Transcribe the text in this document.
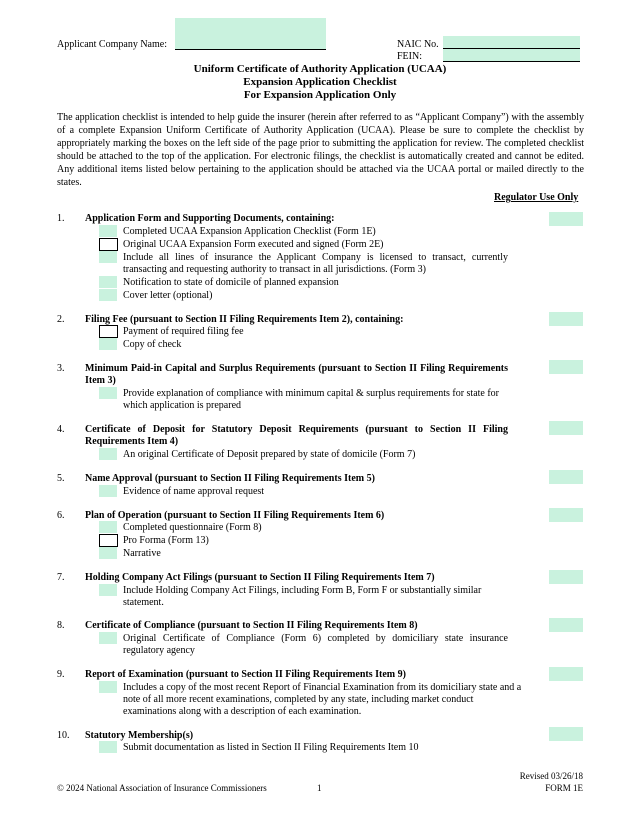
Applicant Company Name:	NAIC No.
FEIN:
Uniform Certificate of Authority Application (UCAA)
Expansion Application Checklist
For Expansion Application Only
The application checklist is intended to help guide the insurer (herein after referred to as “Applicant Company”) with the assembly of a complete Expansion Uniform Certificate of Authority Application (UCAA). Please be sure to complete the checklist by appropriately marking the boxes on the left side of the page prior to submitting the application for review. The completed checklist should be attached to the top of the application. For electronic filings, the checklist is automatically created and cannot be edited. Any additional items listed below pertaining to the application should be attached via the UCAA portal or mailed directly to the states.
Regulator Use Only
1. Application Form and Supporting Documents, containing:
Completed UCAA Expansion Application Checklist (Form 1E)
Original UCAA Expansion Form executed and signed (Form 2E)
Include all lines of insurance the Applicant Company is licensed to transact, currently transacting and requesting authority to transact in all jurisdictions. (Form 3)
Notification to state of domicile of planned expansion
Cover letter (optional)
2. Filing Fee (pursuant to Section II Filing Requirements Item 2), containing:
Payment of required filing fee
Copy of check
3. Minimum Paid-in Capital and Surplus Requirements (pursuant to Section II Filing Requirements Item 3)
Provide explanation of compliance with minimum capital & surplus requirements for state for which application is prepared
4. Certificate of Deposit for Statutory Deposit Requirements (pursuant to Section II Filing Requirements Item 4)
An original Certificate of Deposit prepared by state of domicile (Form 7)
5. Name Approval (pursuant to Section II Filing Requirements Item 5)
Evidence of name approval request
6. Plan of Operation (pursuant to Section II Filing Requirements Item 6)
Completed questionnaire (Form 8)
Pro Forma (Form 13)
Narrative
7. Holding Company Act Filings (pursuant to Section II Filing Requirements Item 7)
Include Holding Company Act Filings, including Form B, Form F or substantially similar statement.
8. Certificate of Compliance (pursuant to Section II Filing Requirements Item 8)
Original Certificate of Compliance (Form 6) completed by domiciliary state insurance regulatory agency
9. Report of Examination (pursuant to Section II Filing Requirements Item 9)
Includes a copy of the most recent Report of Financial Examination from its domiciliary state and a note of all more recent examinations, completed by any state, including market conduct examinations along with a description of each examination.
10. Statutory Membership(s)
Submit documentation as listed in Section II Filing Requirements Item 10
© 2024 National Association of Insurance Commissioners	1
Revised 03/26/18
FORM 1E
